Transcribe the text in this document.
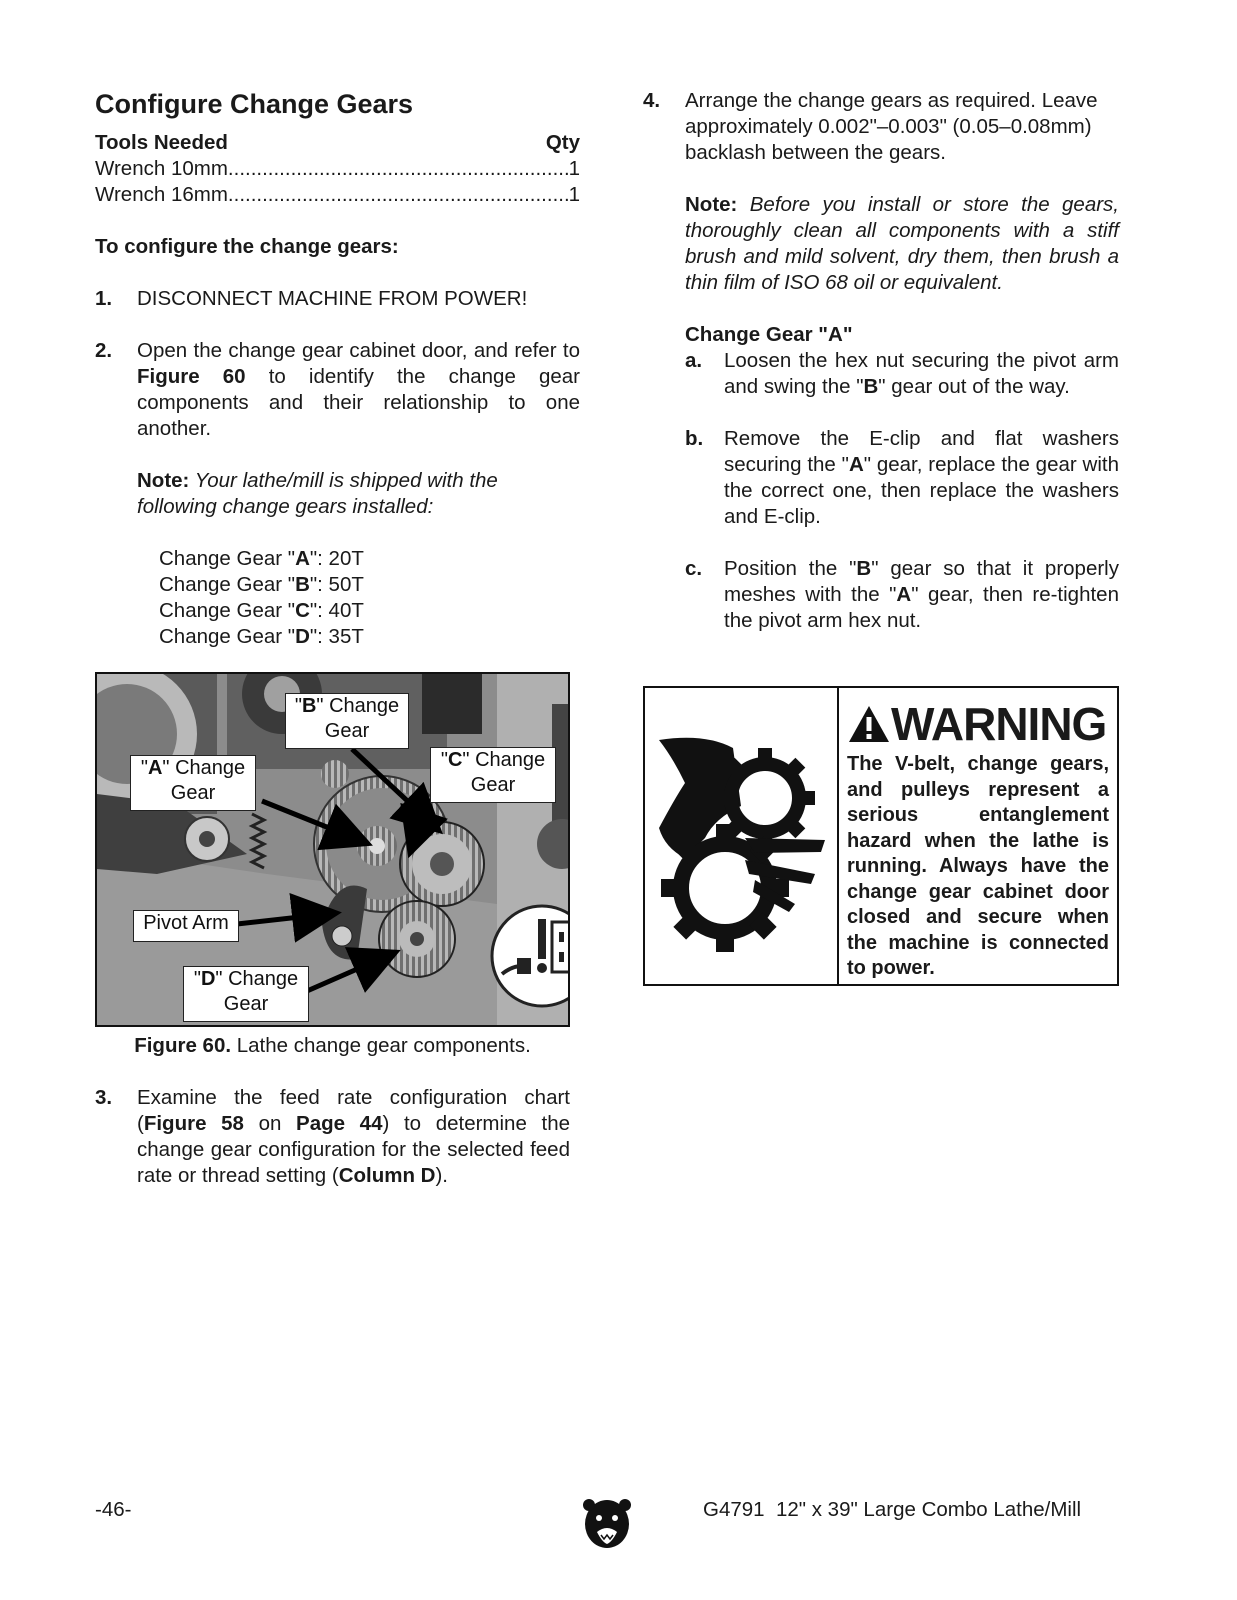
Configure Change Gears
Tools Needed	Qty
Wrench 10mm .....	1
Wrench 16mm .....	1

To configure the change gears:

1.	DISCONNECT MACHINE FROM POWER!
2.	Open the change gear cabinet door, and refer to Figure 60 to identify the change gear components and their relationship to one another.
Note: Your lathe/mill is shipped with the following change gears installed:
Change Gear "A": 20T
Change Gear "B": 50T
Change Gear "C": 40T
Change Gear "D": 35T
"B" Change
Gear
"A" Change
Gear
"C" Change
Gear
Pivot Arm
"D" Change
Gear
Figure 60. Lathe change gear components.
3.	Examine the feed rate configuration chart (Figure 58 on Page 44) to determine the change gear configuration for the selected feed rate or thread setting (Column D).
4.	Arrange the change gears as required. Leave approximately 0.002"–0.003" (0.05–0.08mm) backlash between the gears.
Note: Before you install or store the gears, thoroughly clean all components with a stiff brush and mild solvent, dry them, then brush a thin film of ISO 68 oil or equivalent.
Change Gear "A"
a.	Loosen the hex nut securing the pivot arm and swing the "B" gear out of the way.
b.	Remove the E-clip and flat washers securing the "A" gear, replace the gear with the correct one, then replace the washers and E-clip.
c.	Position the "B" gear so that it properly meshes with the "A" gear, then re-tighten the pivot arm hex nut.
WARNING
The V-belt, change gears, and pulleys represent a serious entanglement hazard when the lathe is running. Always have the change gear cabinet door closed and secure when the machine is connected to power.
-46-	G4791  12" x 39" Large Combo Lathe/Mill
